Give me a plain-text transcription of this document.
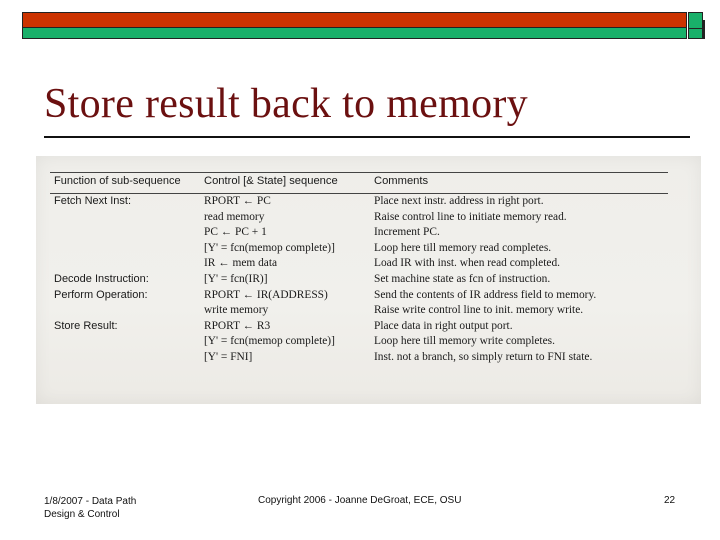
Store result back to memory
Function of sub-sequence	Control [& State] sequence	Comments
Fetch Next Inst:	RPORT ← PC	Place next instr. address in right port.
	read memory	Raise control line to initiate memory read.
	PC ← PC + 1	Increment PC.
	[Y' = fcn(memop complete)]	Loop here till memory read completes.
	IR ← mem data	Load IR with inst. when read completed.
Decode Instruction:	[Y' = fcn(IR)]	Set machine state as fcn of instruction.
Perform Operation:	RPORT ← IR(ADDRESS)	Send the contents of IR address field to memory.
	write memory	Raise write control line to init. memory write.
Store Result:	RPORT ← R3	Place data in right output port.
	[Y' = fcn(memop complete)]	Loop here till memory write completes.
	[Y' = FNI]	Inst. not a branch, so simply return to FNI state.
1/8/2007 - Data Path
Design & Control
Copyright 2006 - Joanne DeGroat, ECE, OSU	22
